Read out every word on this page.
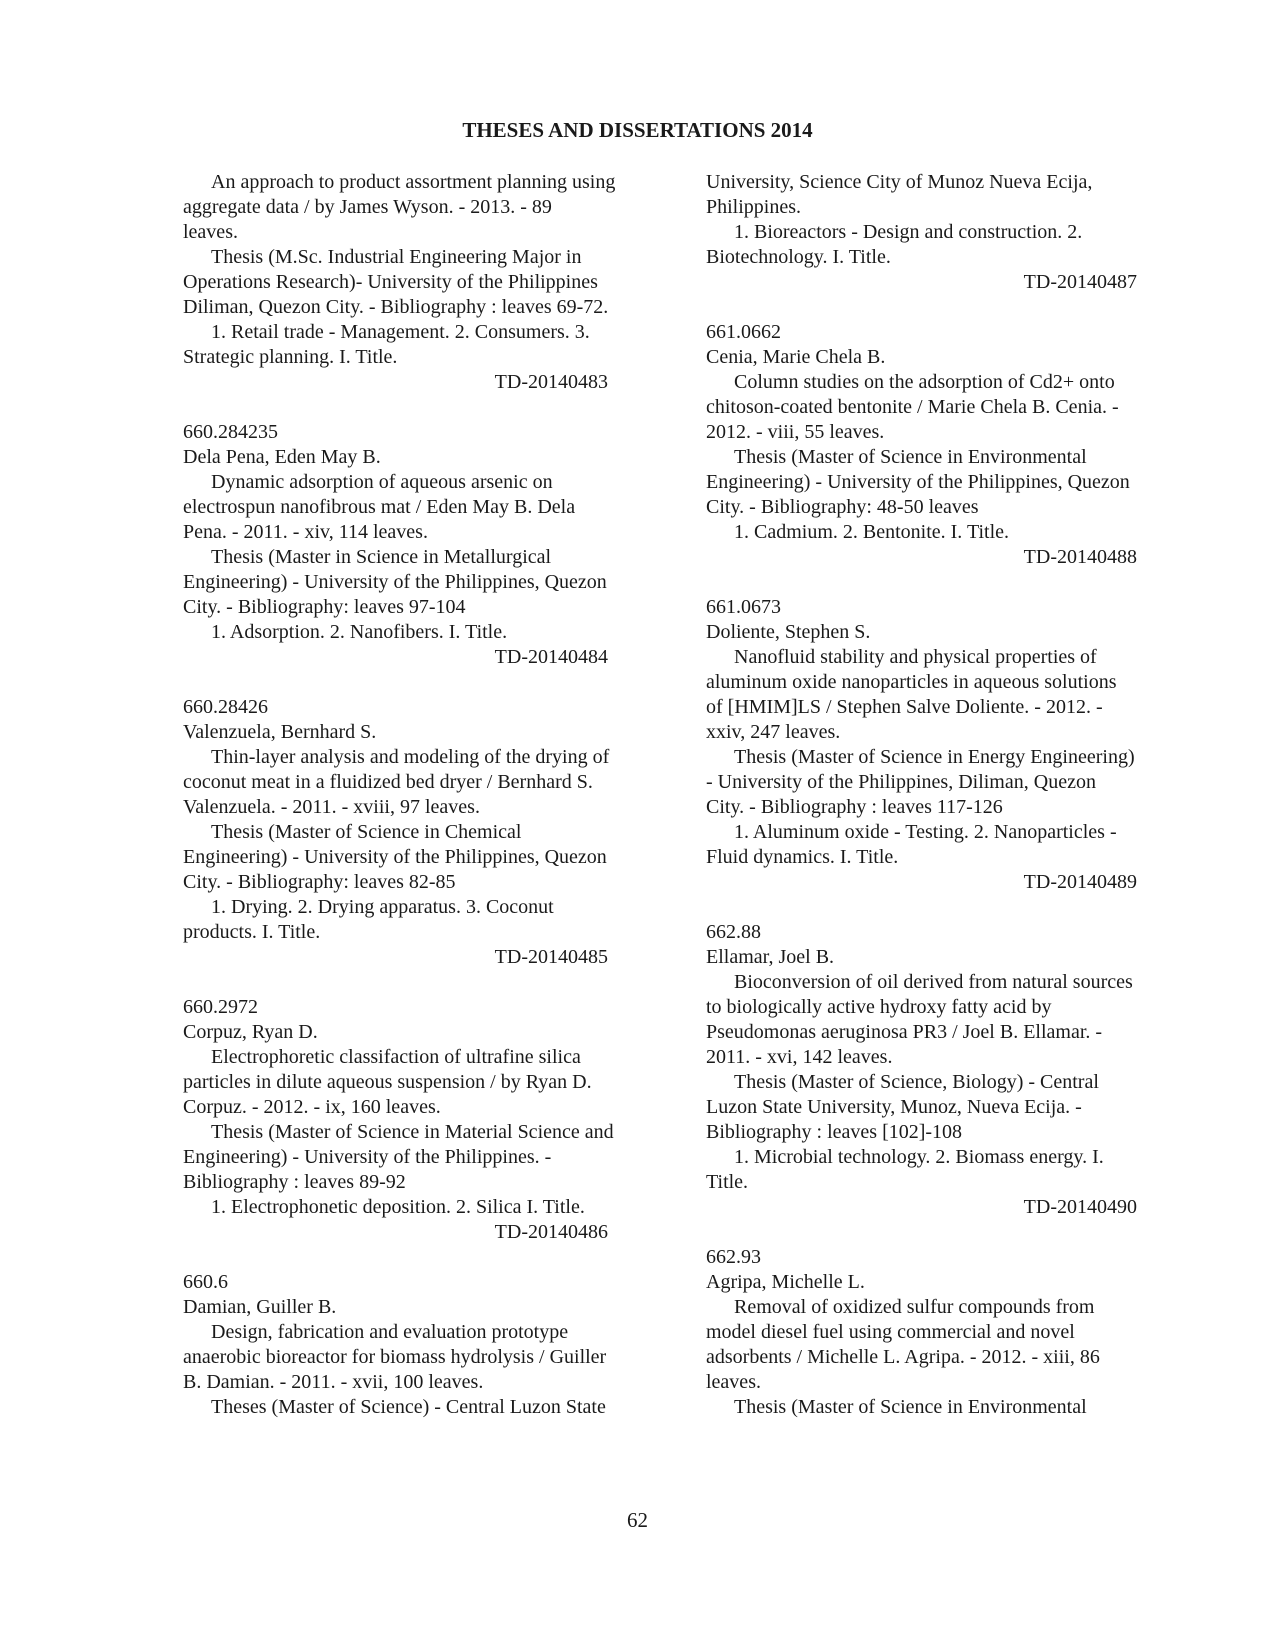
THESES AND DISSERTATIONS 2014
An approach to product assortment planning using
aggregate data / by James Wyson. - 2013. - 89
leaves.
Thesis (M.Sc. Industrial Engineering Major in
Operations Research)- University of the Philippines
Diliman, Quezon City. - Bibliography : leaves 69-72.
1. Retail trade - Management. 2. Consumers. 3.
Strategic planning. I. Title.
TD-20140483
660.284235
Dela Pena, Eden May B.
Dynamic adsorption of aqueous arsenic on
electrospun nanofibrous mat / Eden May B. Dela
Pena. - 2011. - xiv, 114 leaves.
Thesis (Master in Science in Metallurgical
Engineering) - University of the Philippines, Quezon
City. - Bibliography: leaves 97-104
1. Adsorption. 2. Nanofibers. I. Title.
TD-20140484
660.28426
Valenzuela, Bernhard S.
Thin-layer analysis and modeling of the drying of
coconut meat in a fluidized bed dryer / Bernhard S.
Valenzuela. - 2011. - xviii, 97 leaves.
Thesis (Master of Science in Chemical
Engineering) - University of the Philippines, Quezon
City. - Bibliography: leaves 82-85
1. Drying. 2. Drying apparatus. 3. Coconut
products. I. Title.
TD-20140485
660.2972
Corpuz, Ryan D.
Electrophoretic classifaction of ultrafine silica
particles in dilute aqueous suspension / by Ryan D.
Corpuz. - 2012. - ix, 160 leaves.
Thesis (Master of Science in Material Science and
Engineering) - University of the Philippines. -
Bibliography : leaves 89-92
1. Electrophonetic deposition. 2. Silica I. Title.
TD-20140486
660.6
Damian, Guiller B.
Design, fabrication and evaluation prototype
anaerobic bioreactor for biomass hydrolysis / Guiller
B. Damian. - 2011. - xvii, 100 leaves.
Theses (Master of Science) - Central Luzon State
University, Science City of Munoz Nueva Ecija,
Philippines.
1. Bioreactors - Design and construction. 2.
Biotechnology. I. Title.
TD-20140487
661.0662
Cenia, Marie Chela B.
Column studies on the adsorption of Cd2+ onto
chitoson-coated bentonite / Marie Chela B. Cenia. -
2012. - viii, 55 leaves.
Thesis (Master of Science in Environmental
Engineering) - University of the Philippines, Quezon
City. - Bibliography: 48-50 leaves
1. Cadmium. 2. Bentonite. I. Title.
TD-20140488
661.0673
Doliente, Stephen S.
Nanofluid stability and physical properties of
aluminum oxide nanoparticles in aqueous solutions
of [HMIM]LS / Stephen Salve Doliente. - 2012. -
xxiv, 247 leaves.
Thesis (Master of Science in Energy Engineering)
- University of the Philippines, Diliman, Quezon
City. - Bibliography : leaves 117-126
1. Aluminum oxide - Testing. 2. Nanoparticles -
Fluid dynamics. I. Title.
TD-20140489
662.88
Ellamar, Joel B.
Bioconversion of oil derived from natural sources
to biologically active hydroxy fatty acid by
Pseudomonas aeruginosa PR3 / Joel B. Ellamar. -
2011. - xvi, 142 leaves.
Thesis (Master of Science, Biology) - Central
Luzon State University, Munoz, Nueva Ecija. -
Bibliography : leaves [102]-108
1. Microbial technology. 2. Biomass energy. I.
Title.
TD-20140490
662.93
Agripa, Michelle L.
Removal of oxidized sulfur compounds from
model diesel fuel using commercial and novel
adsorbents / Michelle L. Agripa. - 2012. - xiii, 86
leaves.
Thesis (Master of Science in Environmental
62
